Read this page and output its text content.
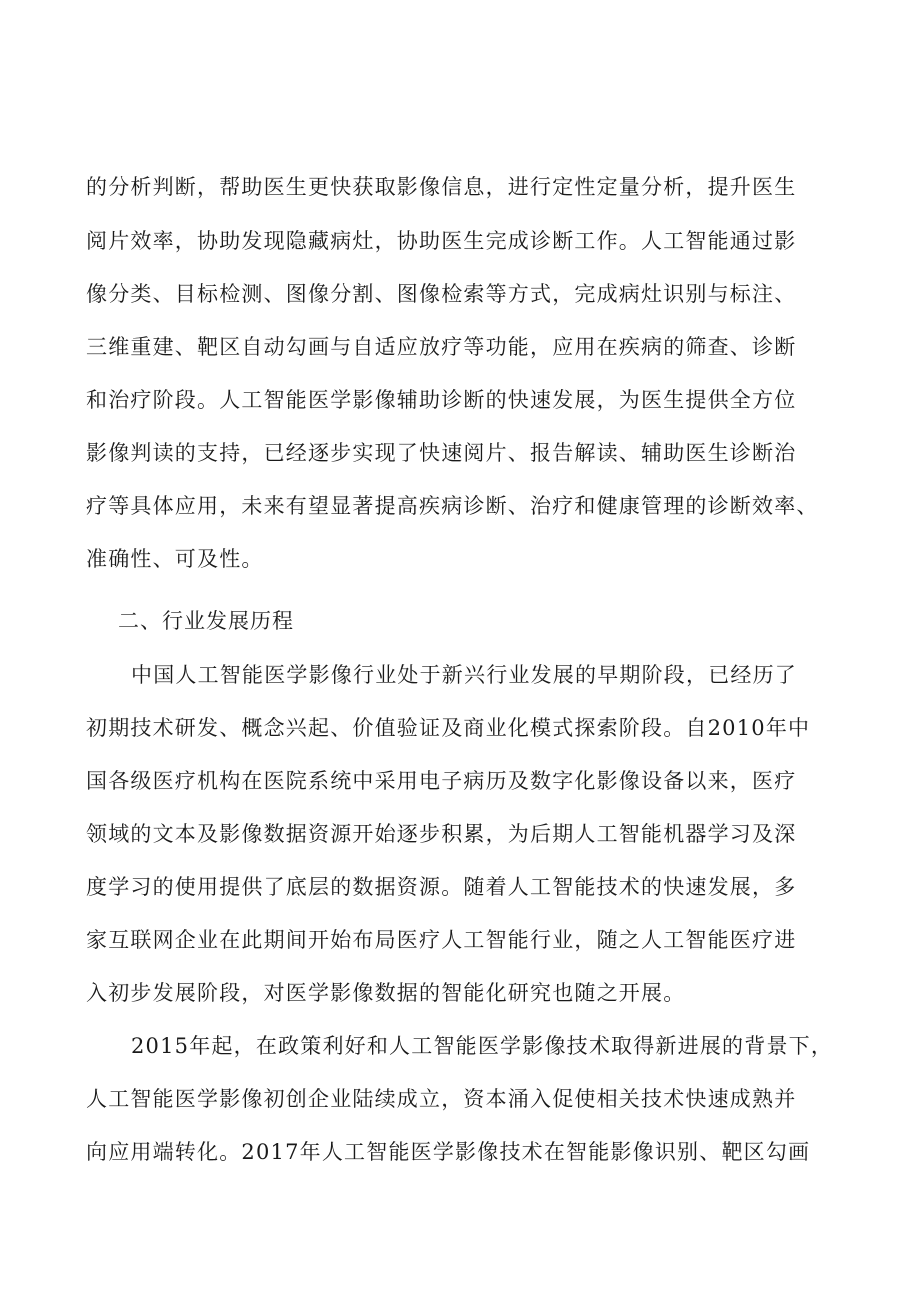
的分析判断，帮助医生更快获取影像信息，进行定性定量分析，提升医生
阅片效率，协助发现隐藏病灶，协助医生完成诊断工作。人工智能通过影
像分类、目标检测、图像分割、图像检索等方式，完成病灶识别与标注、
三维重建、靶区自动勾画与自适应放疗等功能，应用在疾病的筛查、诊断
和治疗阶段。人工智能医学影像辅助诊断的快速发展，为医生提供全方位
影像判读的支持，已经逐步实现了快速阅片、报告解读、辅助医生诊断治
疗等具体应用，未来有望显著提高疾病诊断、治疗和健康管理的诊断效率、
准确性、可及性。
二、行业发展历程
中国人工智能医学影像行业处于新兴行业发展的早期阶段，已经历了
初期技术研发、概念兴起、价值验证及商业化模式探索阶段。自2010年中
国各级医疗机构在医院系统中采用电子病历及数字化影像设备以来，医疗
领域的文本及影像数据资源开始逐步积累，为后期人工智能机器学习及深
度学习的使用提供了底层的数据资源。随着人工智能技术的快速发展，多
家互联网企业在此期间开始布局医疗人工智能行业，随之人工智能医疗进
入初步发展阶段，对医学影像数据的智能化研究也随之开展。
2015年起，在政策利好和人工智能医学影像技术取得新进展的背景下，
人工智能医学影像初创企业陆续成立，资本涌入促使相关技术快速成熟并
向应用端转化。2017年人工智能医学影像技术在智能影像识别、靶区勾画
